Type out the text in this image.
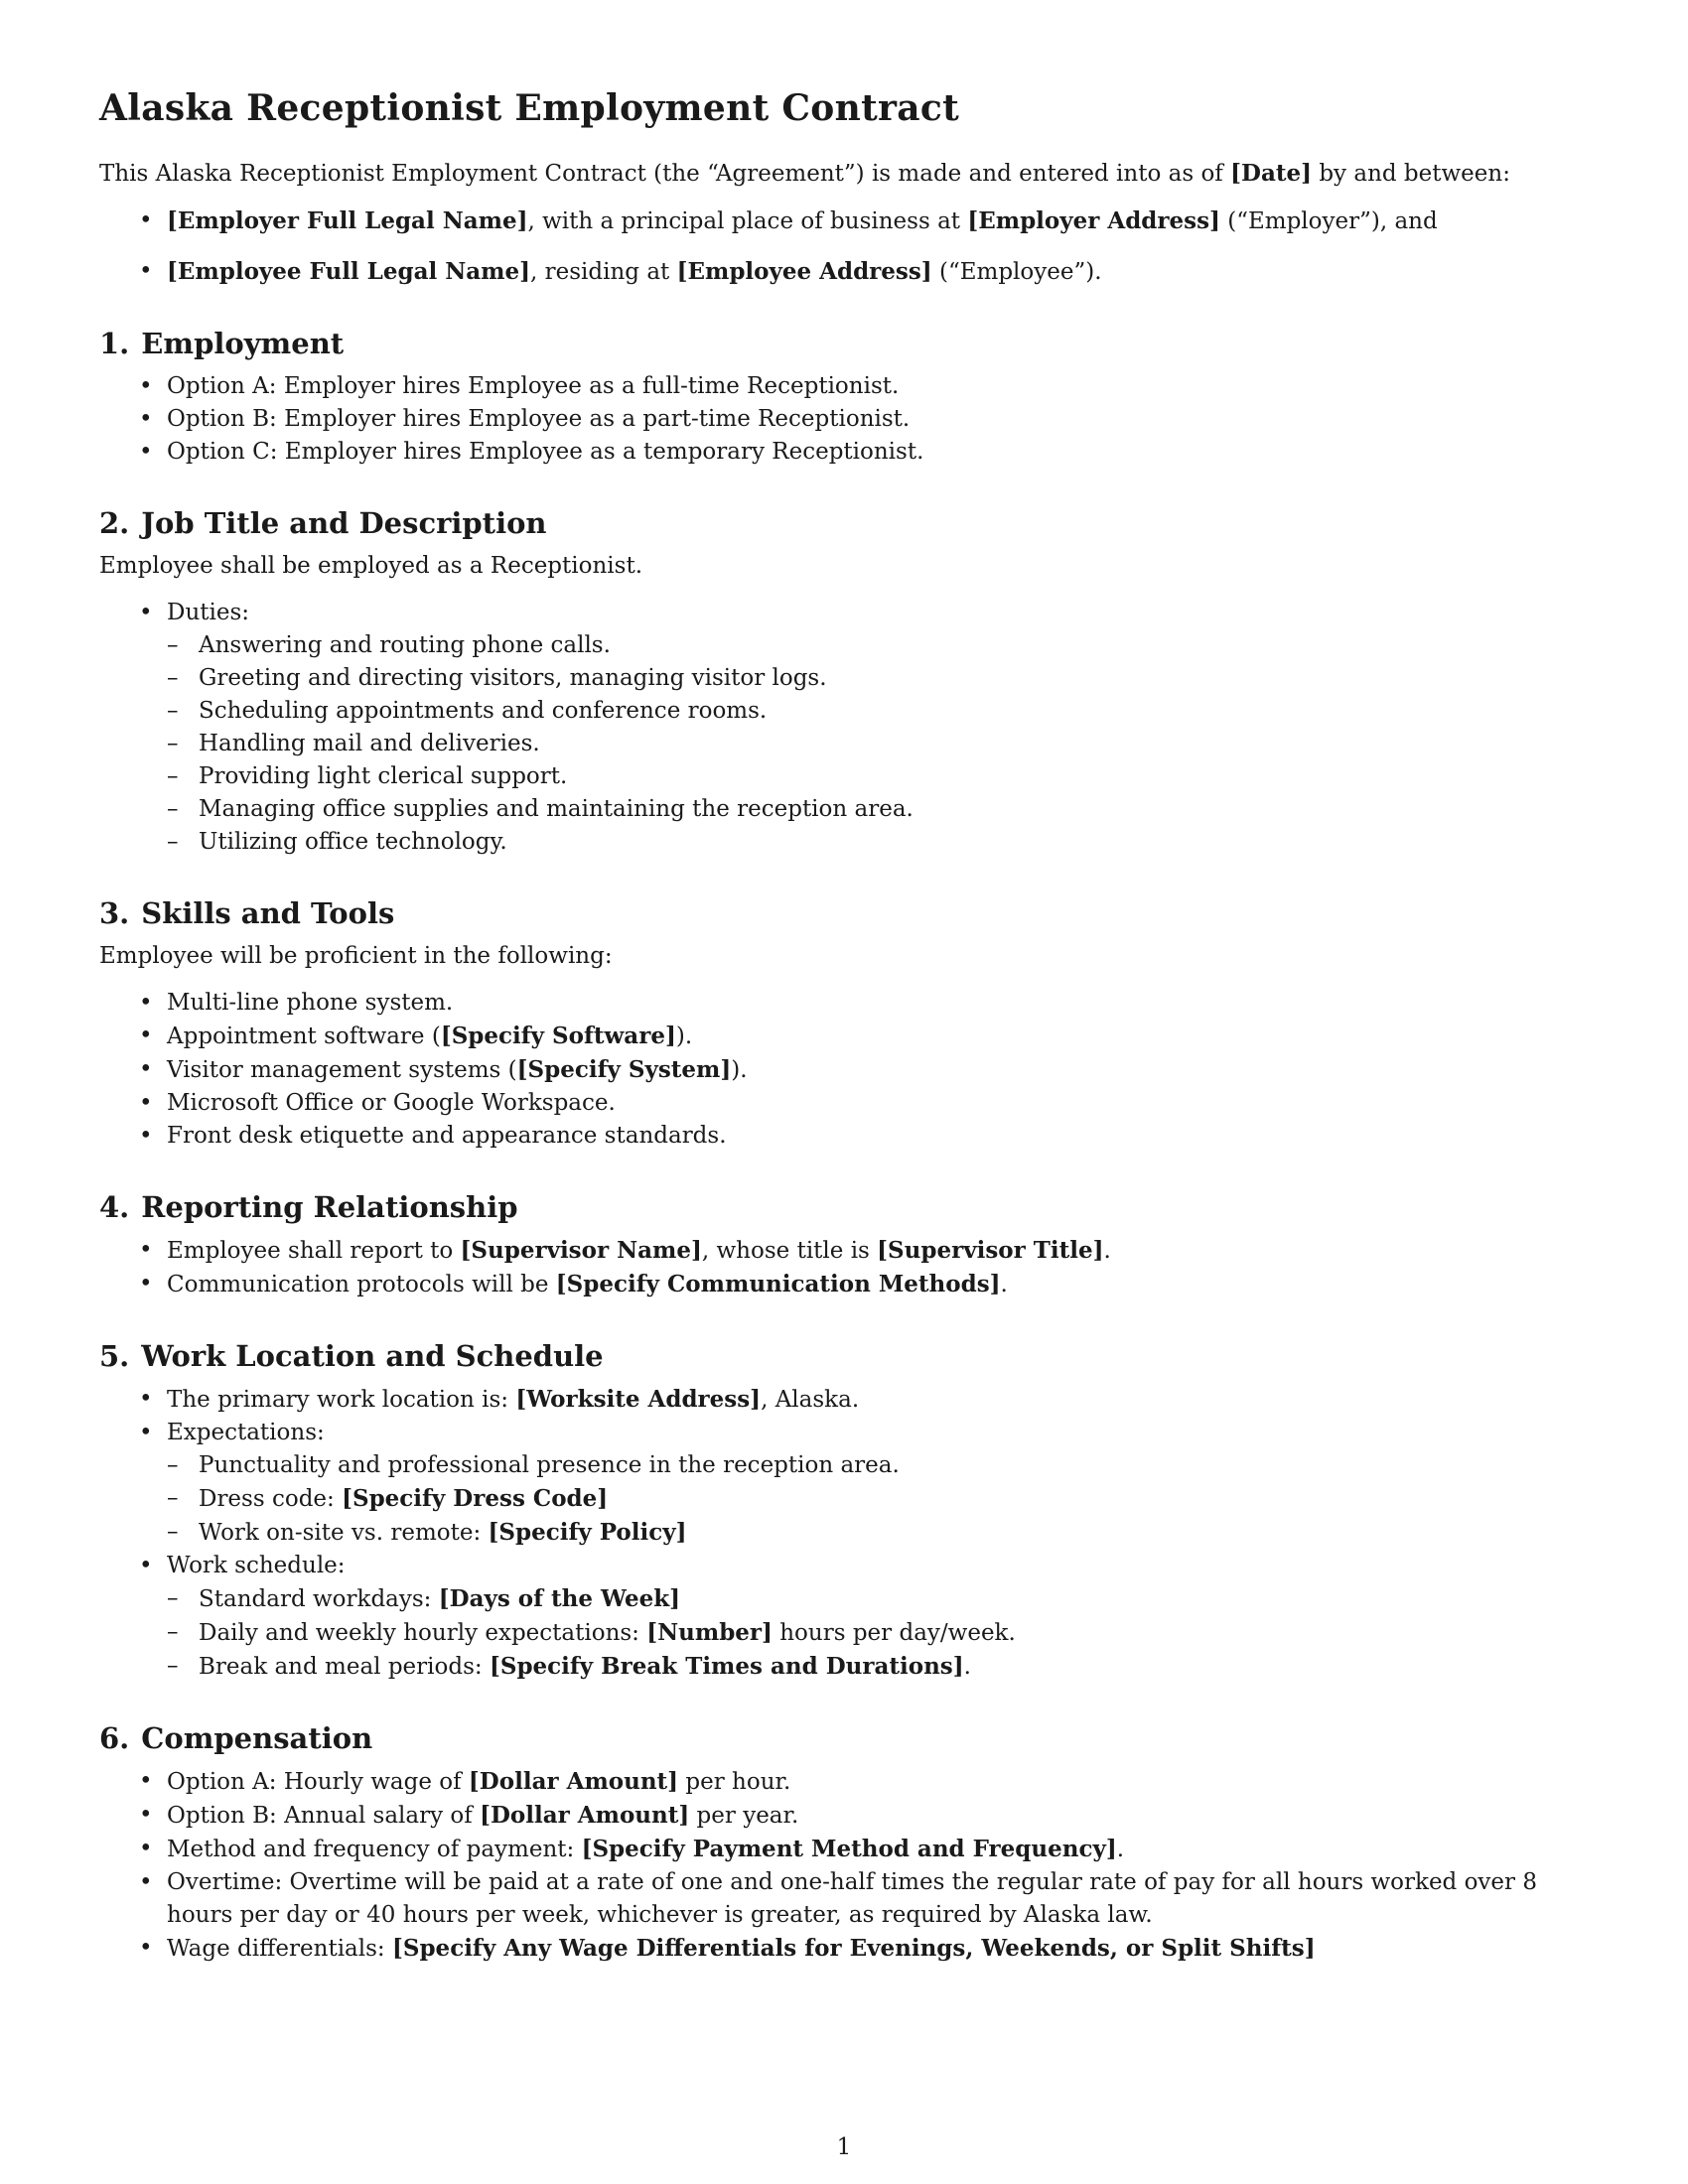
Alaska Receptionist Employment Contract

This Alaska Receptionist Employment Contract (the “Agreement”) is made and entered into as of [Date] by and between:

• [Employer Full Legal Name], with a principal place of business at [Employer Address] (“Employer”), and
• [Employee Full Legal Name], residing at [Employee Address] (“Employee”).
1. Employment
• Option A: Employer hires Employee as a full-time Receptionist.
• Option B: Employer hires Employee as a part-time Receptionist.
• Option C: Employer hires Employee as a temporary Receptionist.
2. Job Title and Description

Employee shall be employed as a Receptionist.

• Duties:
– Answering and routing phone calls.
– Greeting and directing visitors, managing visitor logs.
– Scheduling appointments and conference rooms.
– Handling mail and deliveries.
– Providing light clerical support.
– Managing office supplies and maintaining the reception area.
– Utilizing office technology.
3. Skills and Tools

Employee will be proficient in the following:

• Multi-line phone system.
• Appointment software ([Specify Software]).
• Visitor management systems ([Specify System]).
• Microsoft Office or Google Workspace.
• Front desk etiquette and appearance standards.
4. Reporting Relationship
• Employee shall report to [Supervisor Name], whose title is [Supervisor Title].
• Communication protocols will be [Specify Communication Methods].
5. Work Location and Schedule
• The primary work location is: [Worksite Address], Alaska.
• Expectations:
– Punctuality and professional presence in the reception area.
– Dress code: [Specify Dress Code]
– Work on-site vs. remote: [Specify Policy]
• Work schedule:
– Standard workdays: [Days of the Week]
– Daily and weekly hourly expectations: [Number] hours per day/week.
– Break and meal periods: [Specify Break Times and Durations].
6. Compensation
• Option A: Hourly wage of [Dollar Amount] per hour.
• Option B: Annual salary of [Dollar Amount] per year.
• Method and frequency of payment: [Specify Payment Method and Frequency].
• Overtime: Overtime will be paid at a rate of one and one-half times the regular rate of pay for all hours worked over 8 hours per day or 40 hours per week, whichever is greater, as required by Alaska law.
• Wage differentials: [Specify Any Wage Differentials for Evenings, Weekends, or Split Shifts]
1
